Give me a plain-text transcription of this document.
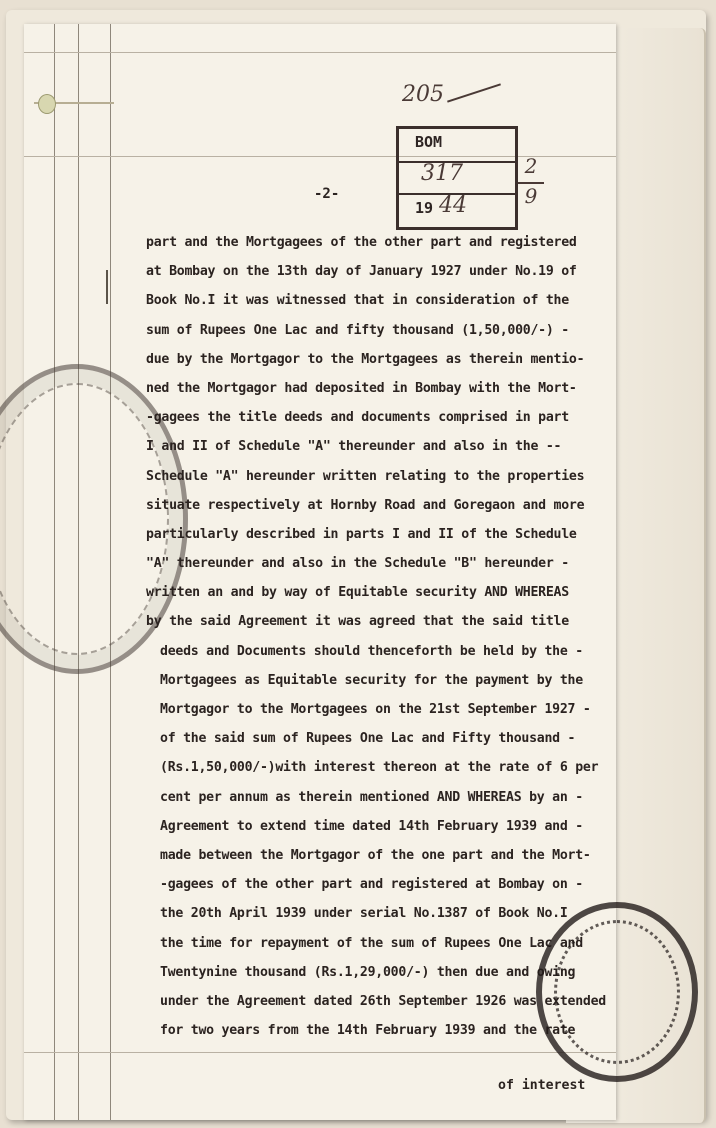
205
BOM
317
19 44
2
9
-2-
part and the Mortgagees of the other part and registered
at Bombay on the 13th day of January 1927 under No.19 of
Book No.I it was witnessed that in consideration of the
sum of Rupees One Lac and fifty thousand (1,50,000/-) -
due by the Mortgagor to the Mortgagees as therein mentio-
ned the Mortgagor had deposited in Bombay with the Mort-
-gagees the title deeds and documents comprised in part
I and II of Schedule "A" thereunder and also in the --
Schedule "A" hereunder written relating to the properties
situate respectively at Hornby Road and Goregaon and more
particularly described in parts I and II of the Schedule
"A" thereunder and also in the Schedule "B" hereunder -
written an and by way of Equitable security AND WHEREAS
by the said Agreement it was agreed that the said title
deeds and Documents should thenceforth be held by the -
Mortgagees as Equitable security for the payment by the
Mortgagor to the Mortgagees on the 21st September 1927 -
of the said sum of Rupees One Lac and Fifty thousand -
(Rs.1,50,000/-)with interest thereon at the rate of 6 per
cent per annum as therein mentioned AND WHEREAS by an -
Agreement to extend time dated 14th February 1939 and -
made between the Mortgagor of the one part and the Mort-
-gagees of the other part and registered at Bombay on -
the 20th April 1939 under serial No.1387 of Book No.I
the time for repayment of the sum of Rupees One Lac and
Twentynine thousand (Rs.1,29,000/-) then due and owing
under the Agreement dated 26th September 1926 was extended
for two years from the 14th February 1939 and the rate
of interest
